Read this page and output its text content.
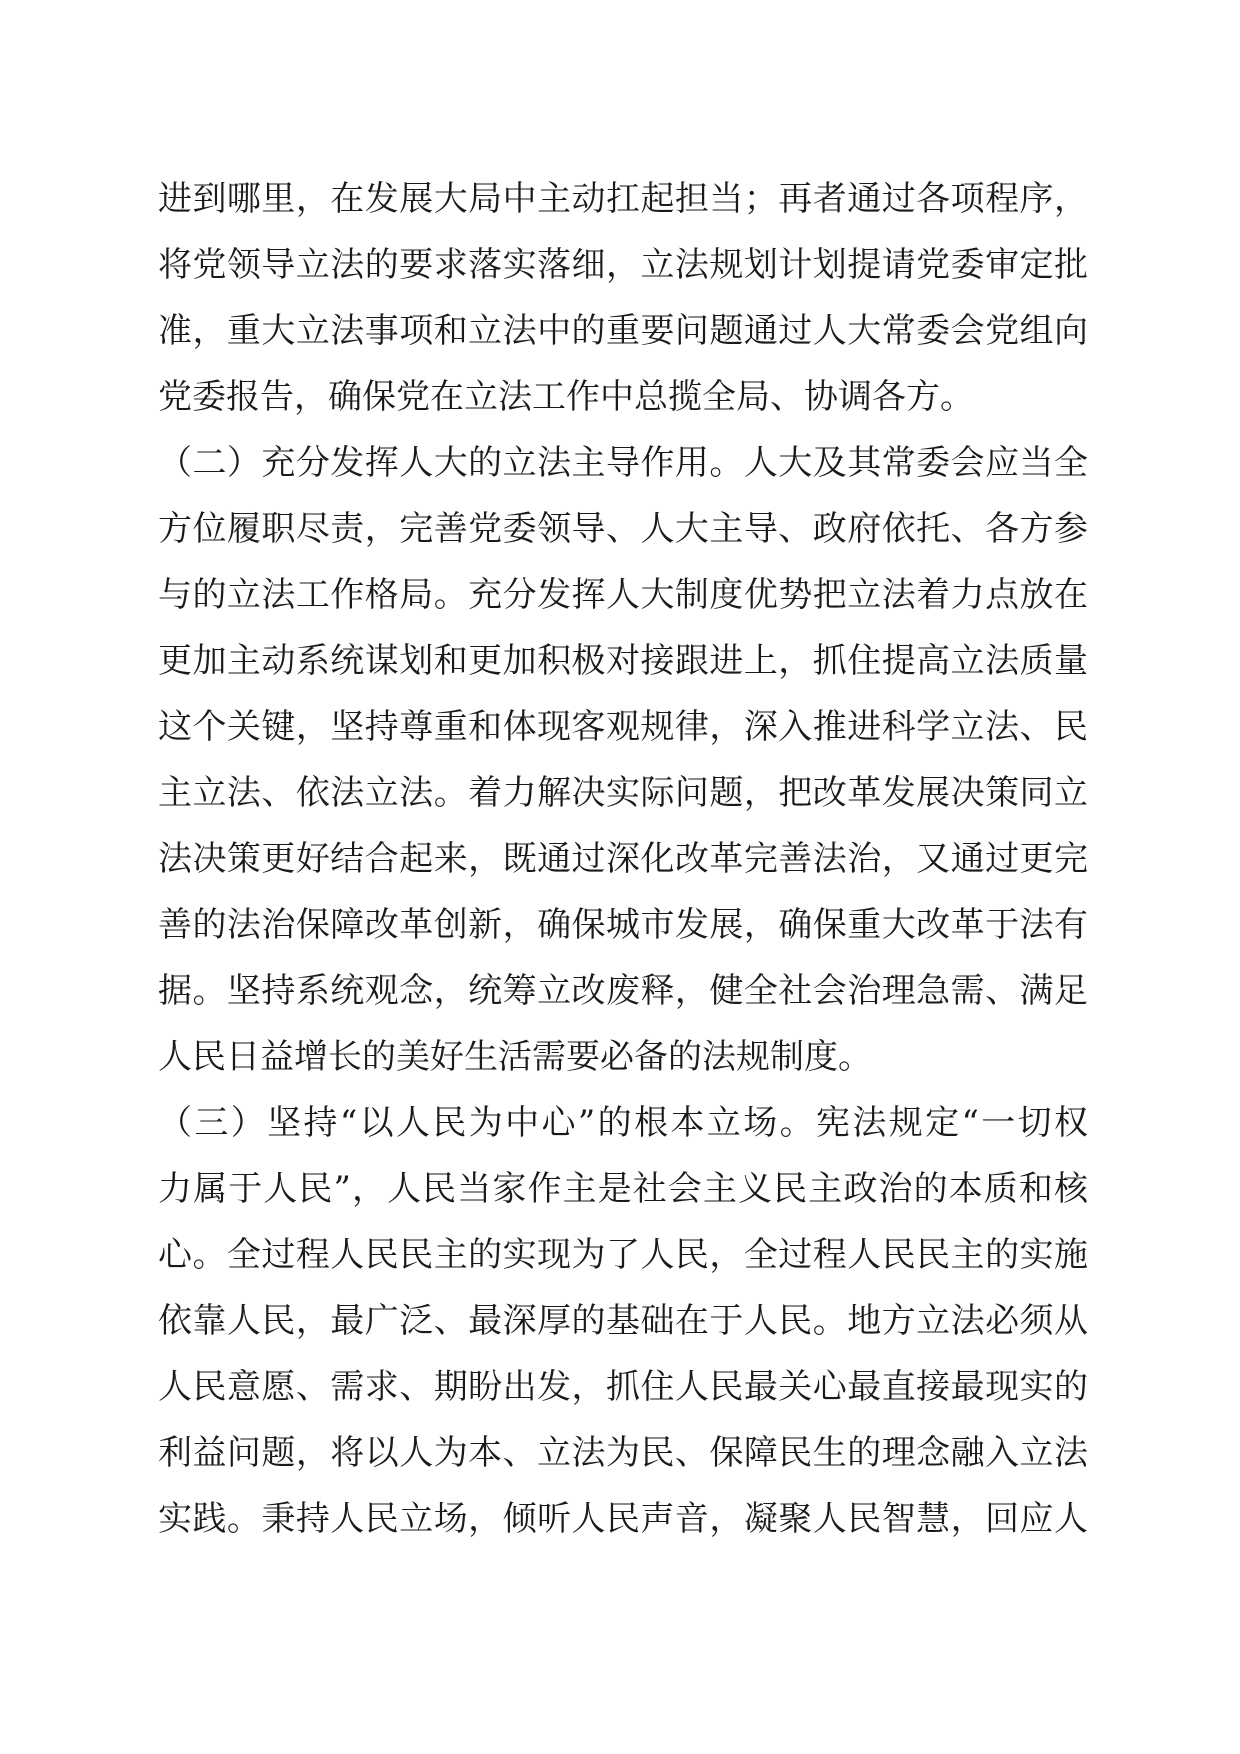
进到哪里，在发展大局中主动扛起担当；再者通过各项程序，
将党领导立法的要求落实落细，立法规划计划提请党委审定批
准，重大立法事项和立法中的重要问题通过人大常委会党组向
党委报告，确保党在立法工作中总揽全局、协调各方。
（二）充分发挥人大的立法主导作用。人大及其常委会应当全
方位履职尽责，完善党委领导、人大主导、政府依托、各方参
与的立法工作格局。充分发挥人大制度优势把立法着力点放在
更加主动系统谋划和更加积极对接跟进上，抓住提高立法质量
这个关键，坚持尊重和体现客观规律，深入推进科学立法、民
主立法、依法立法。着力解决实际问题，把改革发展决策同立
法决策更好结合起来，既通过深化改革完善法治，又通过更完
善的法治保障改革创新，确保城市发展，确保重大改革于法有
据。坚持系统观念，统筹立改废释，健全社会治理急需、满足
人民日益增长的美好生活需要必备的法规制度。
（三）坚持“以人民为中心”的根本立场。宪法规定“一切权
力属于人民”，人民当家作主是社会主义民主政治的本质和核
心。全过程人民民主的实现为了人民，全过程人民民主的实施
依靠人民，最广泛、最深厚的基础在于人民。地方立法必须从
人民意愿、需求、期盼出发，抓住人民最关心最直接最现实的
利益问题，将以人为本、立法为民、保障民生的理念融入立法
实践。秉持人民立场，倾听人民声音，凝聚人民智慧，回应人
